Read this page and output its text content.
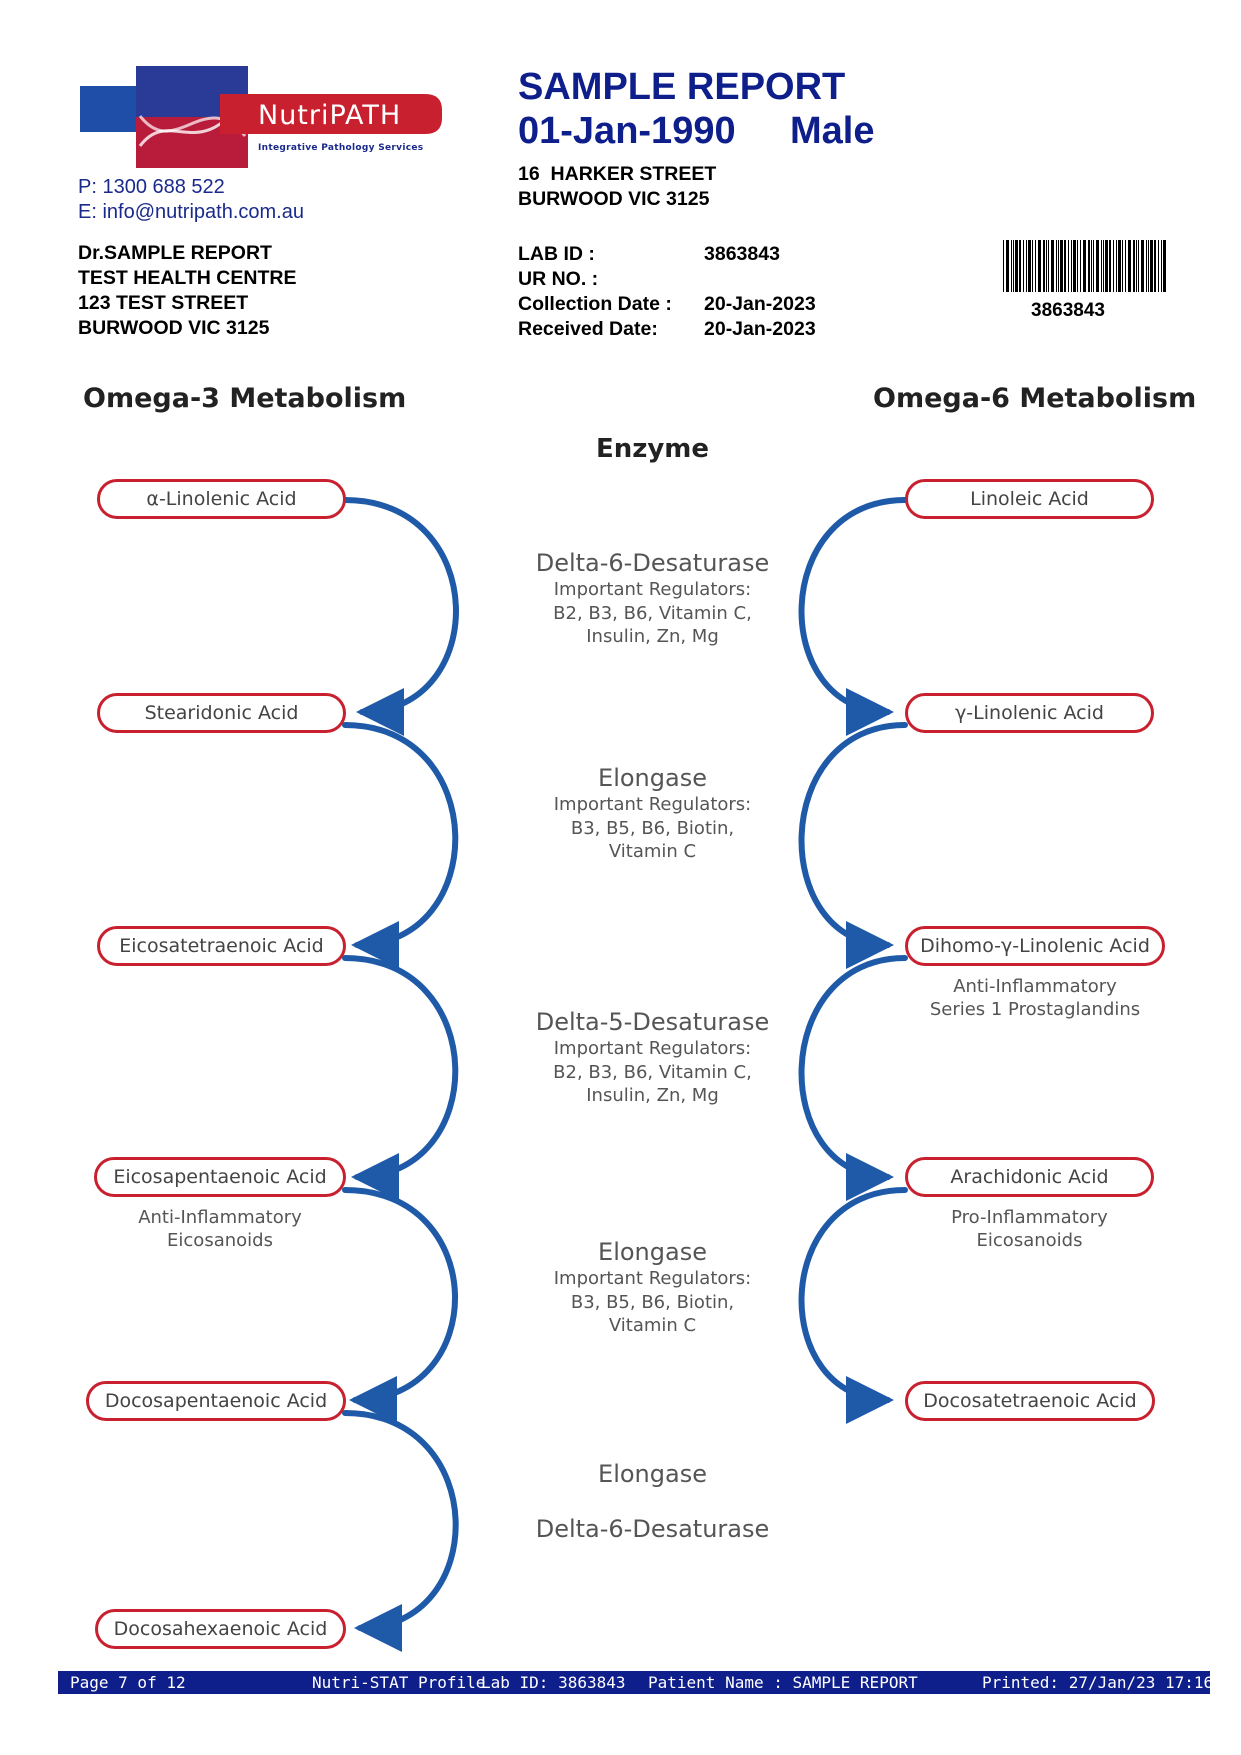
NutriPATH
Integrative Pathology Services
P: 1300 688 522
E: info@nutripath.com.au
Dr.SAMPLE REPORT
TEST HEALTH CENTRE
123 TEST STREET
BURWOOD VIC 3125
SAMPLE REPORT
01-Jan-1990 Male
16  HARKER STREET
BURWOOD VIC 3125
LAB ID :	3863843
UR NO. :	
Collection Date :	20-Jan-2023
Received Date:	20-Jan-2023
3863843
Omega-3 Metabolism	Omega-6 Metabolism
Enzyme
α-Linolenic Acid
Stearidonic Acid
Eicosatetraenoic Acid
Eicosapentaenoic Acid
Anti-Inflammatory
Eicosanoids
Docosapentaenoic Acid
Docosahexaenoic Acid
Linoleic Acid
γ-Linolenic Acid
Dihomo-γ-Linolenic Acid
Anti-Inflammatory
Series 1 Prostaglandins
Arachidonic Acid
Pro-Inflammatory
Eicosanoids
Docosatetraenoic Acid
Delta-6-Desaturase
Important Regulators:
B2, B3, B6, Vitamin C,
Insulin, Zn, Mg
Elongase
Important Regulators:
B3, B5, B6, Biotin,
Vitamin C
Delta-5-Desaturase
Important Regulators:
B2, B3, B6, Vitamin C,
Insulin, Zn, Mg
Elongase
Important Regulators:
B3, B5, B6, Biotin,
Vitamin C
Elongase
Delta-6-Desaturase
Page 7 of 12	Nutri-STAT Profile
Lab ID: 3863843 Patient Name : SAMPLE REPORT	Printed: 27/Jan/23 17:16
